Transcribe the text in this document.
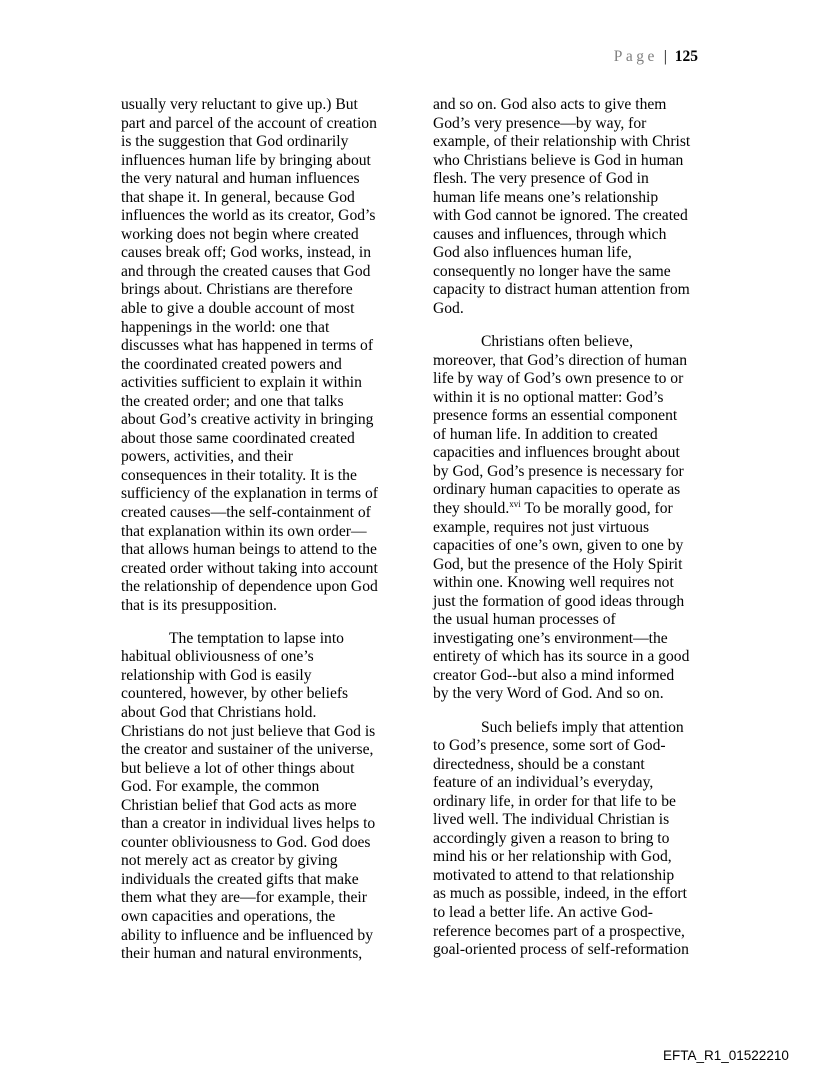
Page | 125
usually very reluctant to give up.) But
part and parcel of the account of creation
is the suggestion that God ordinarily
influences human life by bringing about
the very natural and human influences
that shape it. In general, because God
influences the world as its creator, God’s
working does not begin where created
causes break off; God works, instead, in
and through the created causes that God
brings about. Christians are therefore
able to give a double account of most
happenings in the world: one that
discusses what has happened in terms of
the coordinated created powers and
activities sufficient to explain it within
the created order; and one that talks
about God’s creative activity in bringing
about those same coordinated created
powers, activities, and their
consequences in their totality. It is the
sufficiency of the explanation in terms of
created causes—the self-containment of
that explanation within its own order—
that allows human beings to attend to the
created order without taking into account
the relationship of dependence upon God
that is its presupposition.
The temptation to lapse into
habitual obliviousness of one’s
relationship with God is easily
countered, however, by other beliefs
about God that Christians hold.
Christians do not just believe that God is
the creator and sustainer of the universe,
but believe a lot of other things about
God. For example, the common
Christian belief that God acts as more
than a creator in individual lives helps to
counter obliviousness to God. God does
not merely act as creator by giving
individuals the created gifts that make
them what they are—for example, their
own capacities and operations, the
ability to influence and be influenced by
their human and natural environments,
and so on. God also acts to give them
God’s very presence—by way, for
example, of their relationship with Christ
who Christians believe is God in human
flesh. The very presence of God in
human life means one’s relationship
with God cannot be ignored. The created
causes and influences, through which
God also influences human life,
consequently no longer have the same
capacity to distract human attention from
God.
Christians often believe,
moreover, that God’s direction of human
life by way of God’s own presence to or
within it is no optional matter: God’s
presence forms an essential component
of human life. In addition to created
capacities and influences brought about
by God, God’s presence is necessary for
ordinary human capacities to operate as
they should.$^{xvi}$ To be morally good, for
example, requires not just virtuous
capacities of one’s own, given to one by
God, but the presence of the Holy Spirit
within one. Knowing well requires not
just the formation of good ideas through
the usual human processes of
investigating one’s environment—the
entirety of which has its source in a good
creator God--but also a mind informed
by the very Word of God. And so on.
Such beliefs imply that attention
to God’s presence, some sort of God-
directedness, should be a constant
feature of an individual’s everyday,
ordinary life, in order for that life to be
lived well. The individual Christian is
accordingly given a reason to bring to
mind his or her relationship with God,
motivated to attend to that relationship
as much as possible, indeed, in the effort
to lead a better life. An active God-
reference becomes part of a prospective,
goal-oriented process of self-reformation
EFTA_R1_01522210
